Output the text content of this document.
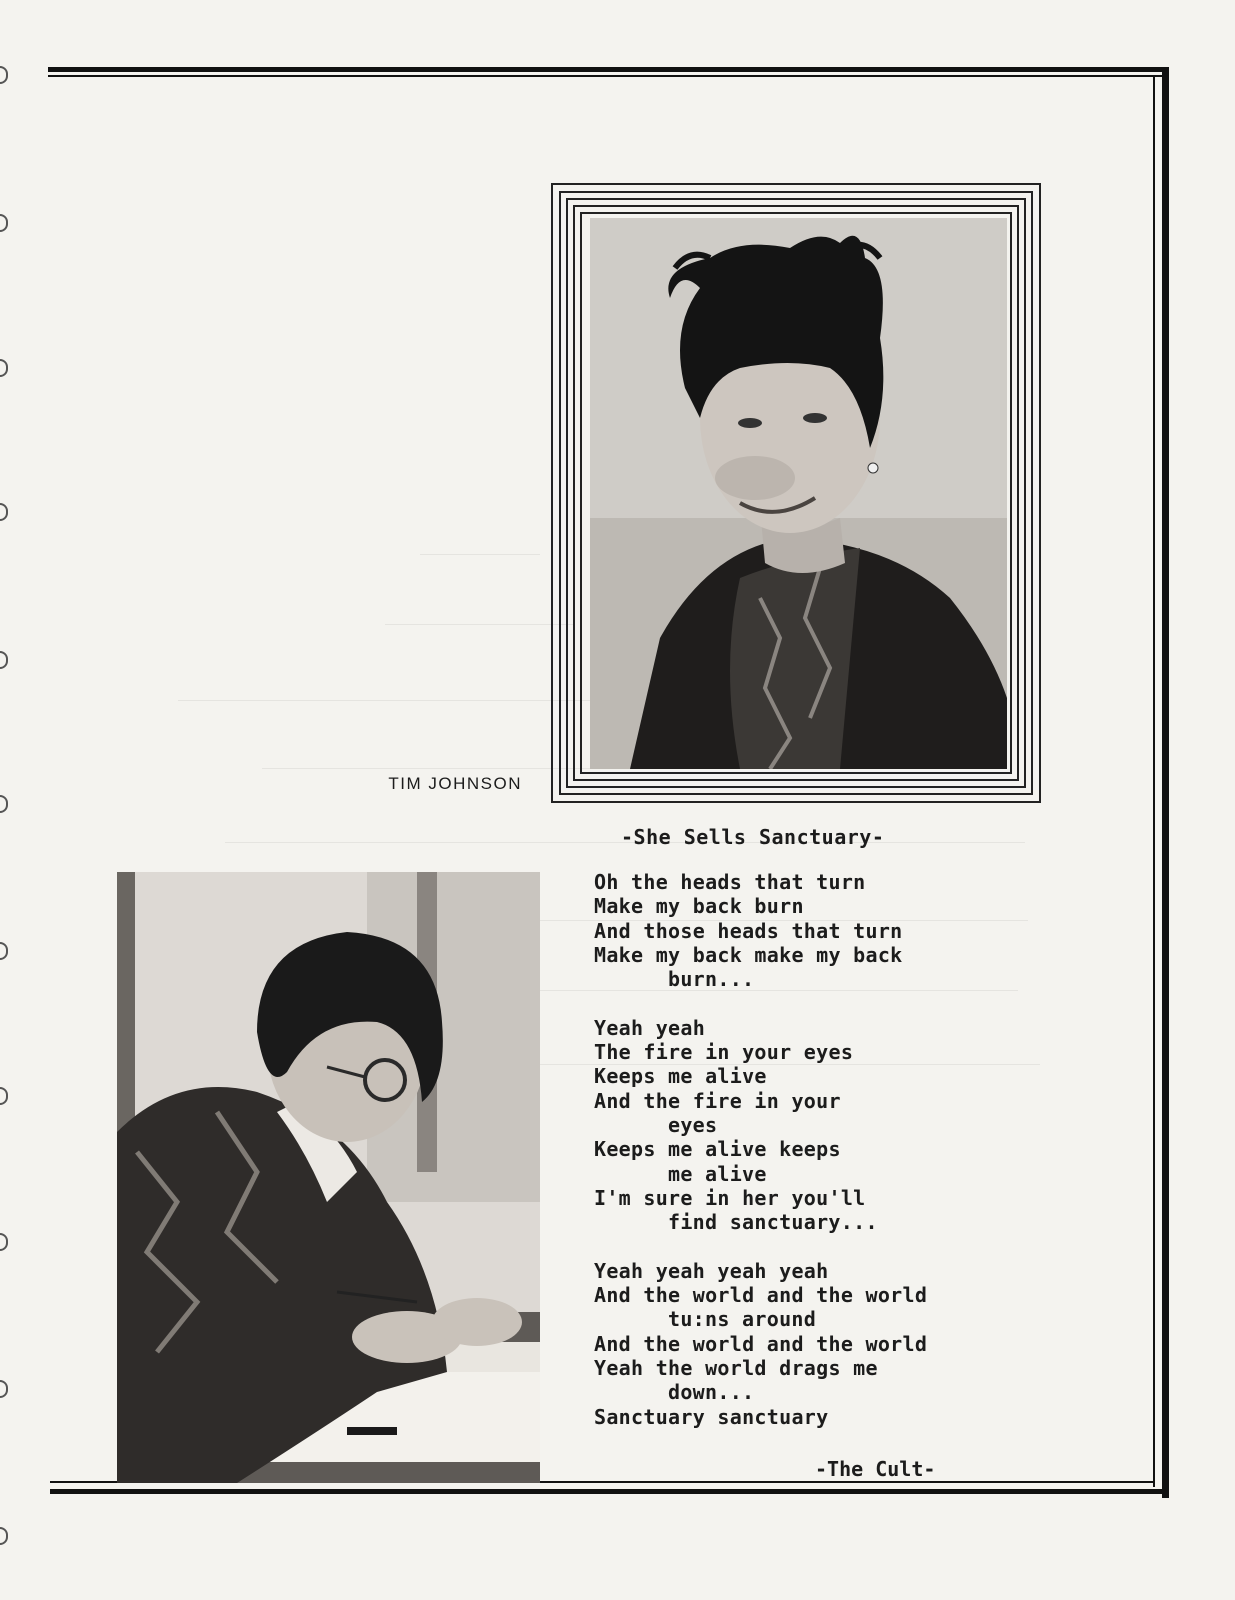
TIM JOHNSON
-She Sells Sanctuary-
Oh the heads that turn
Make my back burn
And those heads that turn
Make my back make my back
burn...
Yeah yeah
The fire in your eyes
Keeps me alive
And the fire in your
eyes
Keeps me alive keeps
me alive
I'm sure in her you'll
find sanctuary...
Yeah yeah yeah yeah
And the world and the world
tu:ns around
And the world and the world
Yeah the world drags me
down...
Sanctuary sanctuary
-The Cult-
